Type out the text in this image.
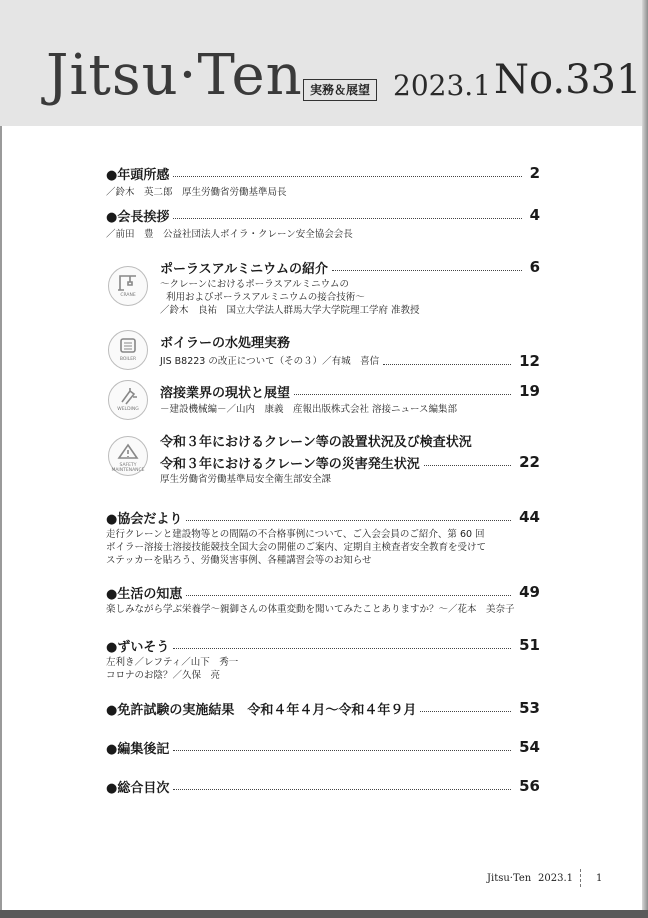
Jitsu·Ten 実務＆展望 2023.1 No.331
●年頭所感	2
／鈴木　英二郎　厚生労働省労働基準局長
●会長挨拶	4
／前田　豊　公益社団法人ボイラ・クレーン安全協会会長
CRANE
ポーラスアルミニウムの紹介	6
～クレーンにおけるポーラスアルミニウムの
利用およびポーラスアルミニウムの接合技術～
／鈴木　良祐　国立大学法人群馬大学大学院理工学府 准教授
BOILER
ボイラーの水処理実務
JIS B8223 の改正について（その３）／有城　喜信	12
WELDING
溶接業界の現状と展望	19
－建設機械編－／山内　康義　産報出版株式会社 溶接ニュース編集部
SAFETY MAINTENANCE
令和３年におけるクレーン等の設置状況及び検査状況
令和３年におけるクレーン等の災害発生状況	22
厚生労働省労働基準局安全衛生部安全課
●協会だより	44
走行クレーンと建設物等との間隔の不合格事例について、ご入会会員のご紹介、第 60 回
ボイラー溶接士溶接技能競技全国大会の開催のご案内、定期自主検査者安全教育を受けて
ステッカーを貼ろう、労働災害事例、各種講習会等のお知らせ
●生活の知恵	49
楽しみながら学ぶ栄養学～親御さんの体重変動を聞いてみたことありますか？～／花本　美奈子
●ずいそう	51
左利き／レフティ／山下　秀一
コロナのお陰？／久保　亮
●免許試験の実施結果　令和４年４月～令和４年９月	53
●編集後記	54
●総合目次	56
Jitsu·Ten 2023.1 1
